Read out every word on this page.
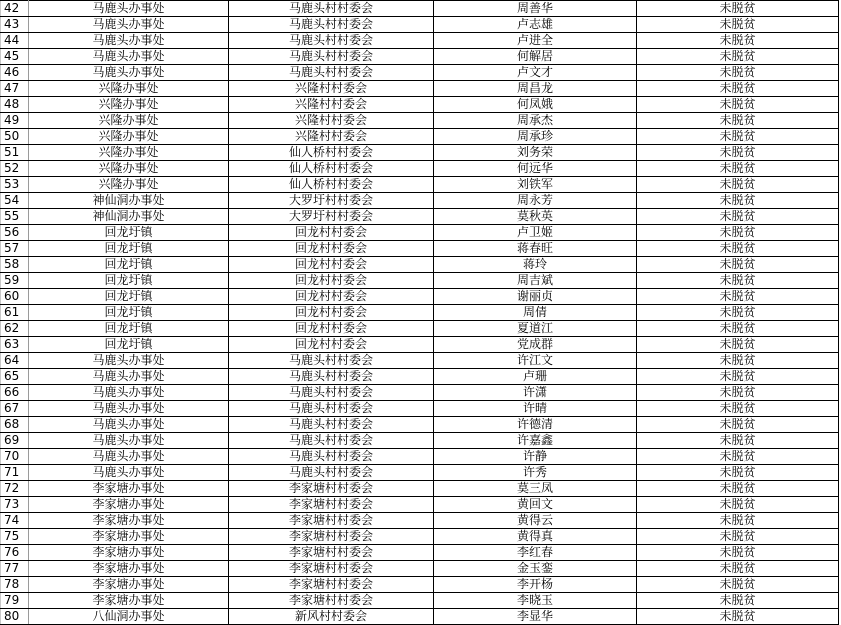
42	马鹿头办事处	马鹿头村村委会	周善华	未脱贫
43	马鹿头办事处	马鹿头村村委会	卢志雄	未脱贫
44	马鹿头办事处	马鹿头村村委会	卢进全	未脱贫
45	马鹿头办事处	马鹿头村村委会	何解居	未脱贫
46	马鹿头办事处	马鹿头村村委会	卢文才	未脱贫
47	兴隆办事处	兴隆村村委会	周昌龙	未脱贫
48	兴隆办事处	兴隆村村委会	何凤娥	未脱贫
49	兴隆办事处	兴隆村村委会	周承杰	未脱贫
50	兴隆办事处	兴隆村村委会	周承珍	未脱贫
51	兴隆办事处	仙人桥村村委会	刘务荣	未脱贫
52	兴隆办事处	仙人桥村村委会	何远华	未脱贫
53	兴隆办事处	仙人桥村村委会	刘铁军	未脱贫
54	神仙洞办事处	大罗圩村村委会	周永芳	未脱贫
55	神仙洞办事处	大罗圩村村委会	莫秋英	未脱贫
56	回龙圩镇	回龙村村委会	卢卫姬	未脱贫
57	回龙圩镇	回龙村村委会	蒋春旺	未脱贫
58	回龙圩镇	回龙村村委会	蒋玲	未脱贫
59	回龙圩镇	回龙村村委会	周吉斌	未脱贫
60	回龙圩镇	回龙村村委会	谢丽贞	未脱贫
61	回龙圩镇	回龙村村委会	周倩	未脱贫
62	回龙圩镇	回龙村村委会	夏道江	未脱贫
63	回龙圩镇	回龙村村委会	党成群	未脱贫
64	马鹿头办事处	马鹿头村村委会	许江文	未脱贫
65	马鹿头办事处	马鹿头村村委会	卢珊	未脱贫
66	马鹿头办事处	马鹿头村村委会	许潇	未脱贫
67	马鹿头办事处	马鹿头村村委会	许晴	未脱贫
68	马鹿头办事处	马鹿头村村委会	许德清	未脱贫
69	马鹿头办事处	马鹿头村村委会	许嘉鑫	未脱贫
70	马鹿头办事处	马鹿头村村委会	许静	未脱贫
71	马鹿头办事处	马鹿头村村委会	许秀	未脱贫
72	李家塘办事处	李家塘村村委会	莫三凤	未脱贫
73	李家塘办事处	李家塘村村委会	黄回文	未脱贫
74	李家塘办事处	李家塘村村委会	黄得云	未脱贫
75	李家塘办事处	李家塘村村委会	黄得真	未脱贫
76	李家塘办事处	李家塘村村委会	李红春	未脱贫
77	李家塘办事处	李家塘村村委会	金玉銮	未脱贫
78	李家塘办事处	李家塘村村委会	李开杨	未脱贫
79	李家塘办事处	李家塘村村委会	李晓玉	未脱贫
80	八仙洞办事处	新风村村委会	李显华	未脱贫
